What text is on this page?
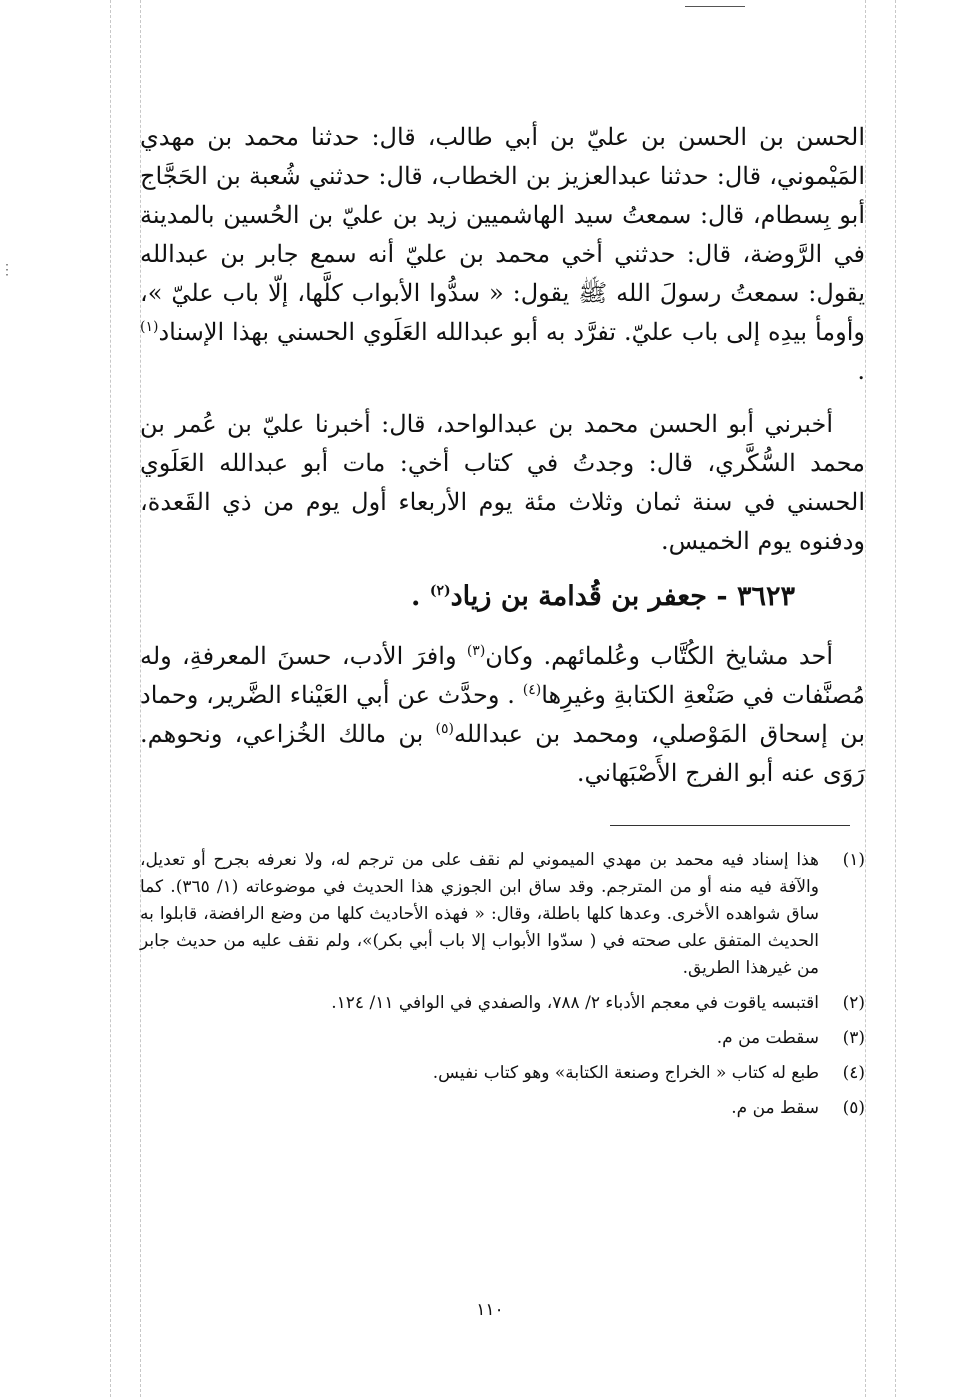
⋮

الحسن بن الحسن بن عليّ بن أبي طالب، قال: حدثنا محمد بن مهدي المَيْموني، قال: حدثنا عبدالعزيز بن الخطاب، قال: حدثني شُعبة بن الحَجَّاج أبو بِسطام، قال: سمعتُ سيد الهاشميين زيد بن عليّ بن الحُسين بالمدينة في الرَّوضة، قال: حدثني أخي محمد بن عليّ أنه سمع جابر بن عبدالله يقول: سمعتُ رسولَ الله ﷺ يقول: « سدُّوا الأبواب كلَّها، إلّا باب عليّ »، وأومأ بيدِه إلى باب عليّ. تفرَّد به أبو عبدالله العَلَوي الحسني بهذا الإسناد$^{(١)}$ .

أخبرني أبو الحسن محمد بن عبدالواحد، قال: أخبرنا عليّ بن عُمر بن محمد السُّكَّري، قال: وجدتُ في كتاب أخي: مات أبو عبدالله العَلَوي الحسني في سنة ثمان وثلاث مئة يوم الأربعاء أول يوم من ذي القَعدة، ودفنوه يوم الخميس.

٣٦٢٣ - جعفر بن قُدامة بن زياد$^{(٢)}$ .

أحد مشايخ الكُتَّاب وعُلمائهم. وكان$^{(٣)}$ وافرَ الأدب، حسنَ المعرفةِ، وله مُصنَّفات في صَنْعةِ الكتابةِ وغيرِها$^{(٤)}$ . وحدَّث عن أبي العَيْناء الضَّرير، وحماد بن إسحاق المَوْصلي، ومحمد بن عبدالله$^{(٥)}$ بن مالك الخُزاعي، ونحوهم. رَوَى عنه أبو الفرج الأَصْبَهاني.

(١)
هذا إسناد فيه محمد بن مهدي الميموني لم نقف على من ترجم له، ولا نعرفه بجرح أو تعديل، والآفة فيه منه أو من المترجم. وقد ساق ابن الجوزي هذا الحديث في موضوعاته (١/ ٣٦٥). كما ساق شواهده الأخرى. وعدها كلها باطلة، وقال: « فهذه الأحاديث كلها من وضع الرافضة، قابلوا به الحديث المتفق على صحته في ( سدّوا الأبواب إلا باب أبي بكر)»، ولم نقف عليه من حديث جابر من غيرهذا الطريق.
(٢)
اقتبسه ياقوت في معجم الأدباء ٢/ ٧٨٨، والصفدي في الوافي ١١/ ١٢٤.
(٣)
سقطت من م.
(٤)
طبع له كتاب « الخراج وصنعة الكتابة» وهو كتاب نفيس.
(٥)
سقط من م.
١١٠
